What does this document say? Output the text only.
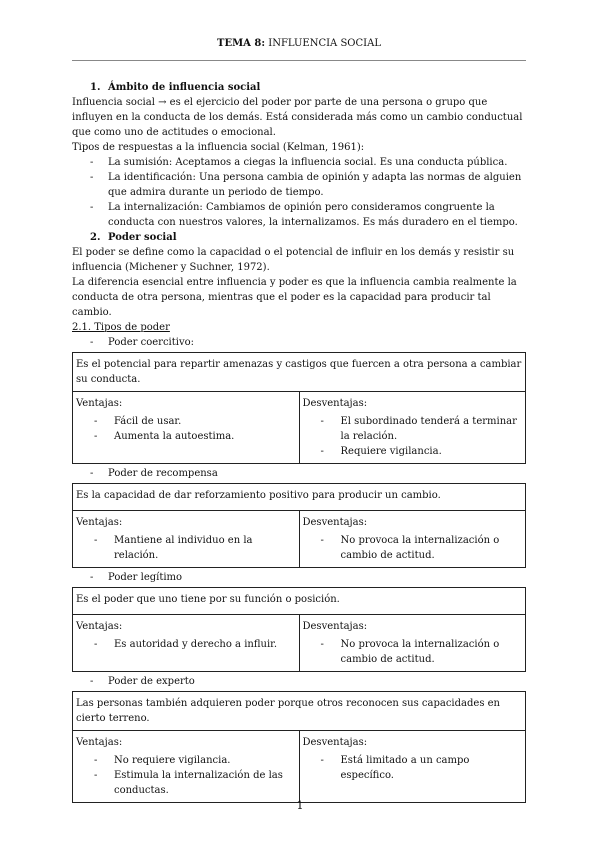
TEMA 8: INFLUENCIA SOCIAL

1. Ámbito de influencia social

Influencia social → es el ejercicio del poder por parte de una persona o grupo que influyen en la conducta de los demás. Está considerada más como un cambio conductual que como uno de actitudes o emocional.

Tipos de respuestas a la influencia social (Kelman, 1961):

- La sumisión: Aceptamos a ciegas la influencia social. Es una conducta pública.
- La identificación: Una persona cambia de opinión y adapta las normas de alguien que admira durante un periodo de tiempo.
- La internalización: Cambiamos de opinión pero consideramos congruente la conducta con nuestros valores, la internalizamos. Es más duradero en el tiempo.

2. Poder social

El poder se define como la capacidad o el potencial de influir en los demás y resistir su influencia (Michener y Suchner, 1972).

La diferencia esencial entre influencia y poder es que la influencia cambia realmente la conducta de otra persona, mientras que el poder es la capacidad para producir tal cambio.

2.1. Tipos de poder

- Poder coercitivo:

Es el potencial para repartir amenazas y castigos que fuercen a otra persona a cambiar su conducta.

Ventajas:
- Fácil de usar.
- Aumenta la autoestima.

Desventajas:
- El subordinado tenderá a terminar la relación.
- Requiere vigilancia.

- Poder de recompensa

Es la capacidad de dar reforzamiento positivo para producir un cambio.

Ventajas:
- Mantiene al individuo en la relación.

Desventajas:
- No provoca la internalización o cambio de actitud.

- Poder legítimo

Es el poder que uno tiene por su función o posición.

Ventajas:
- Es autoridad y derecho a influir.

Desventajas:
- No provoca la internalización o cambio de actitud.

- Poder de experto

Las personas también adquieren poder porque otros reconocen sus capacidades en cierto terreno.

Ventajas:
- No requiere vigilancia.
- Estimula la internalización de las conductas.

Desventajas:
- Está limitado a un campo específico.
1
